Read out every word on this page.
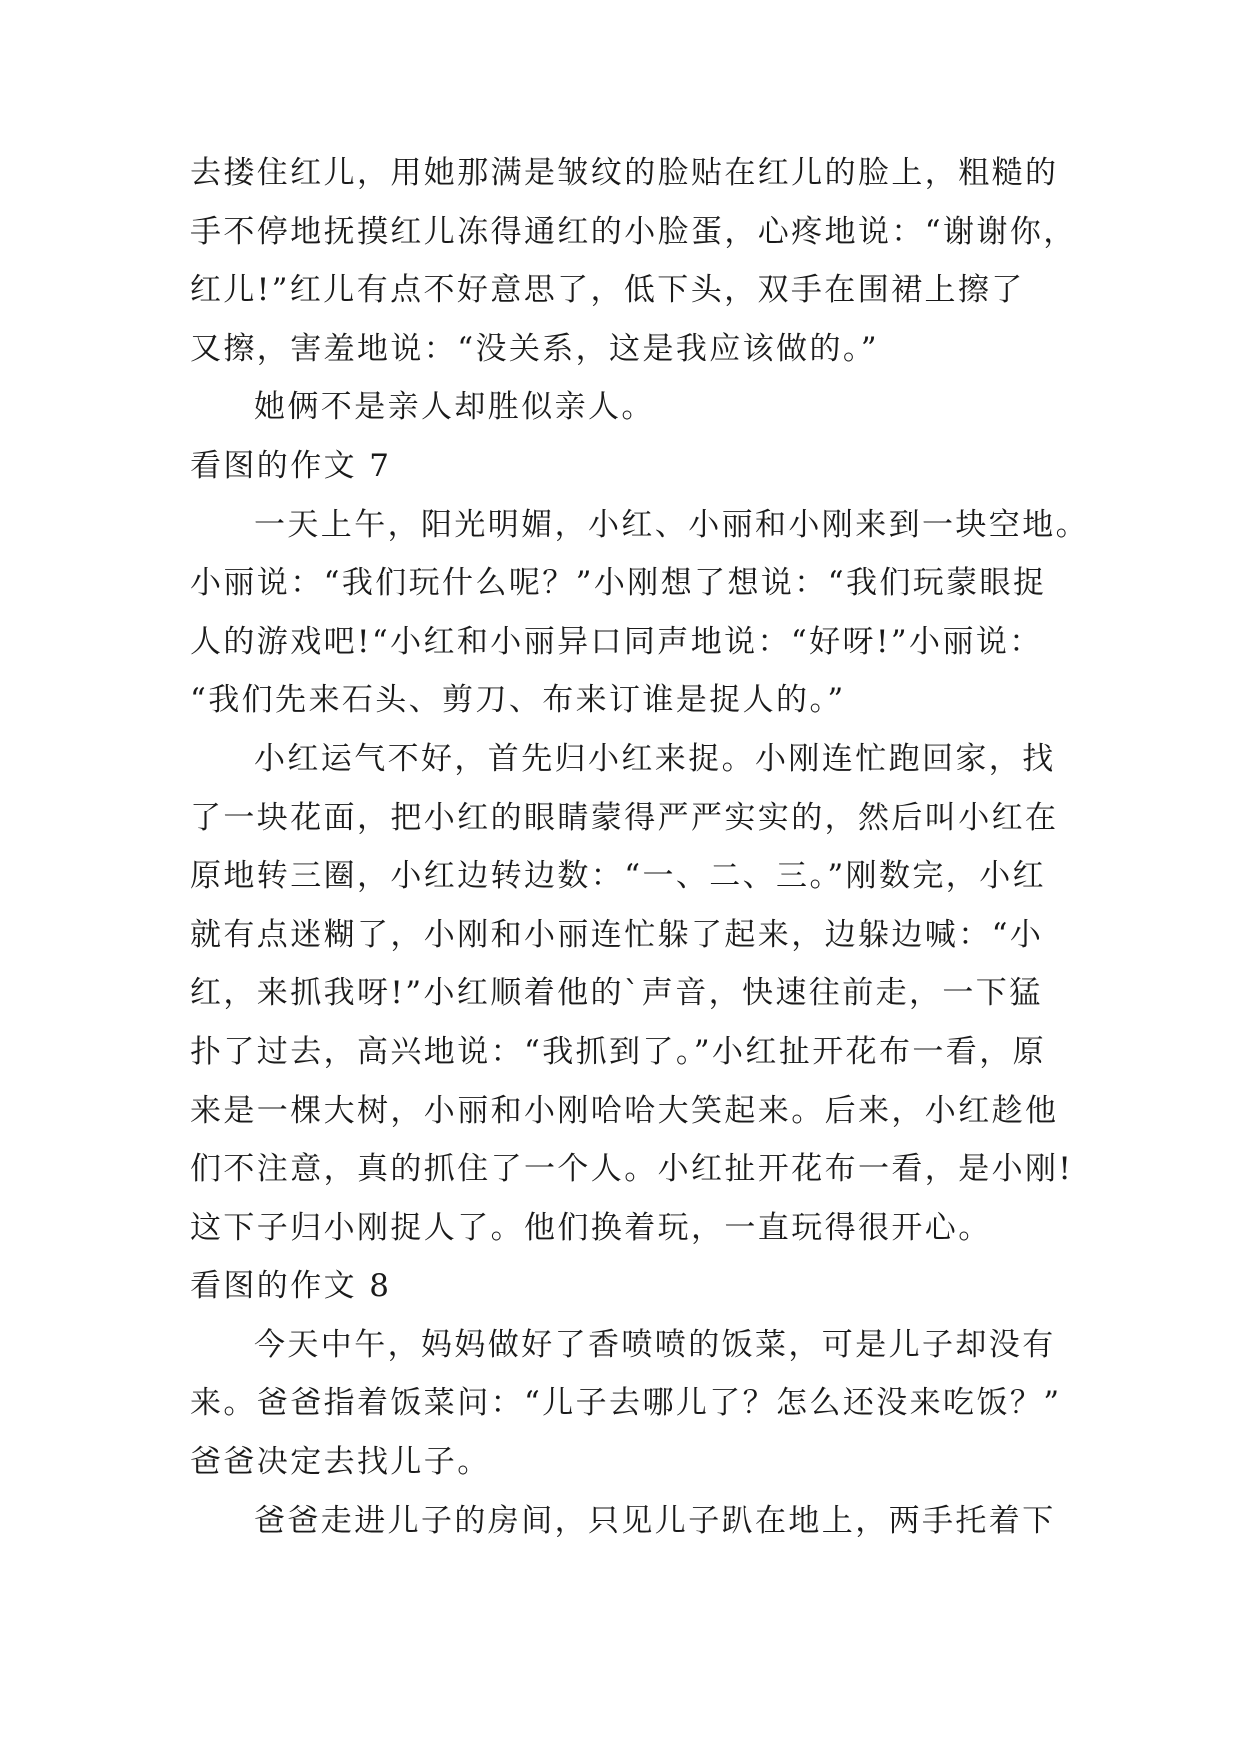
去搂住红儿，用她那满是皱纹的脸贴在红儿的脸上，粗糙的
手不停地抚摸红儿冻得通红的小脸蛋，心疼地说：“谢谢你，
红儿!”红儿有点不好意思了，低下头，双手在围裙上擦了
又擦，害羞地说：“没关系，这是我应该做的。”
她俩不是亲人却胜似亲人。
看图的作文 7
一天上午，阳光明媚，小红、小丽和小刚来到一块空地。
小丽说：“我们玩什么呢？”小刚想了想说：“我们玩蒙眼捉
人的游戏吧!“小红和小丽异口同声地说：“好呀!”小丽说：
“我们先来石头、剪刀、布来订谁是捉人的。”
小红运气不好，首先归小红来捉。小刚连忙跑回家，找
了一块花面，把小红的眼睛蒙得严严实实的，然后叫小红在
原地转三圈，小红边转边数：“一、二、三。”刚数完，小红
就有点迷糊了，小刚和小丽连忙躲了起来，边躲边喊：“小
红，来抓我呀!”小红顺着他的`声音，快速往前走，一下猛
扑了过去，高兴地说：“我抓到了。”小红扯开花布一看，原
来是一棵大树，小丽和小刚哈哈大笑起来。后来，小红趁他
们不注意，真的抓住了一个人。小红扯开花布一看，是小刚!
这下子归小刚捉人了。他们换着玩，一直玩得很开心。
看图的作文 8
今天中午，妈妈做好了香喷喷的饭菜，可是儿子却没有
来。爸爸指着饭菜问：“儿子去哪儿了？怎么还没来吃饭？”
爸爸决定去找儿子。
爸爸走进儿子的房间，只见儿子趴在地上，两手托着下
